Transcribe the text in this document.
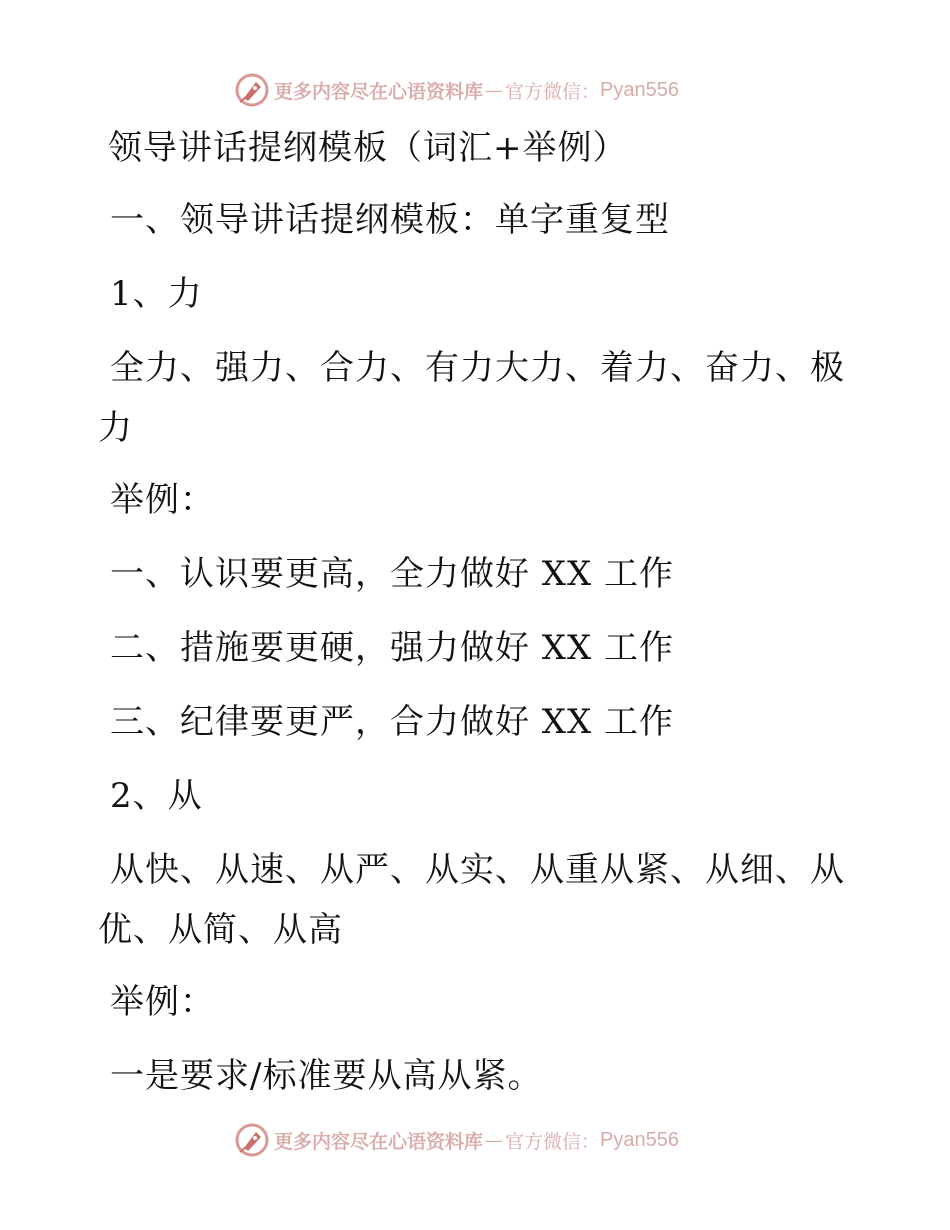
更多内容尽在心语资料库 — 官方微信： Pyan556
领导讲话提纲模板（词汇+举例）
一、领导讲话提纲模板：单字重复型
1、力
全力、强力、合力、有力大力、着力、奋力、极
力
举例：
一、认识要更高，全力做好 XX 工作
二、措施要更硬，强力做好 XX 工作
三、纪律要更严，合力做好 XX 工作
2、从
从快、从速、从严、从实、从重从紧、从细、从
优、从简、从高
举例：
一是要求/标准要从高从紧。
更多内容尽在心语资料库 — 官方微信： Pyan556
